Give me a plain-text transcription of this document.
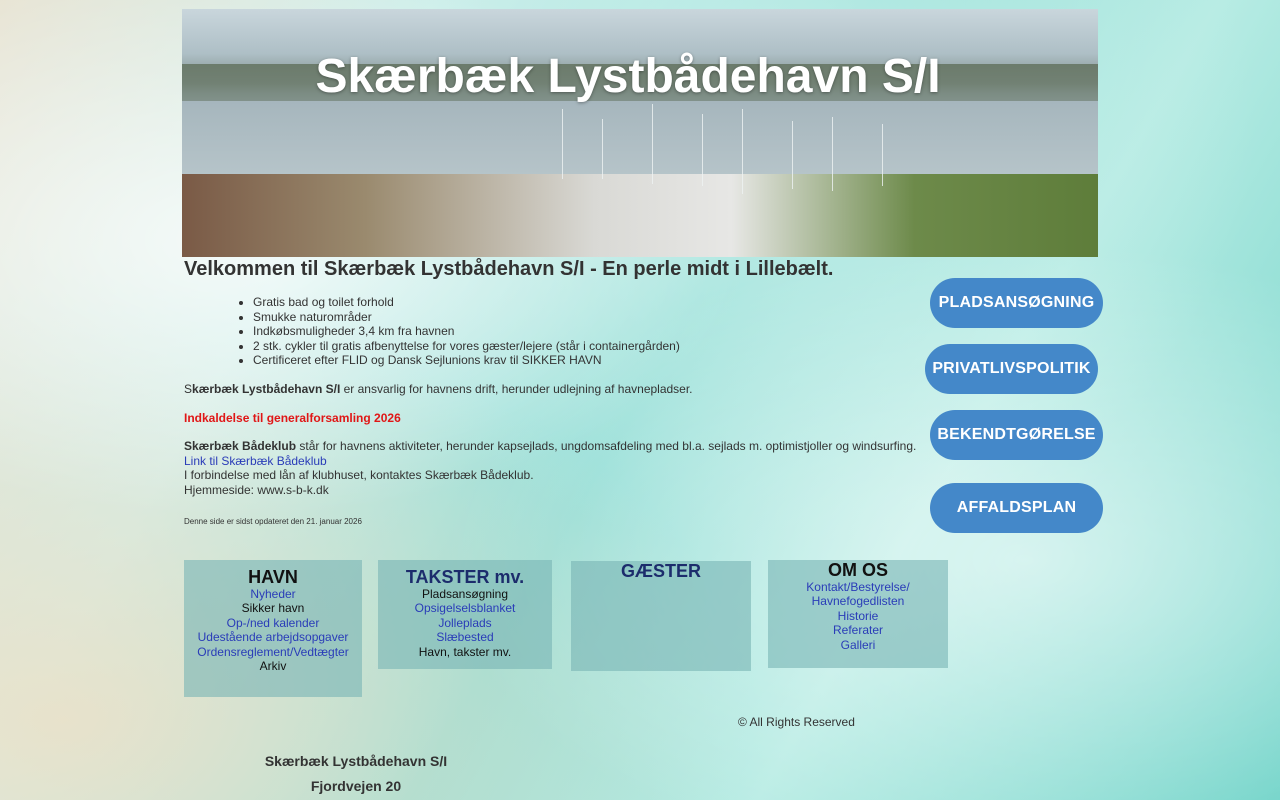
Skærbæk Lystbådehavn S/I
Velkommen til Skærbæk Lystbådehavn S/I - En perle midt i Lillebælt.
• Gratis bad og toilet forhold
• Smukke naturområder
• Indkøbsmuligheder 3,4 km fra havnen
• 2 stk. cykler til gratis afbenyttelse for vores gæster/lejere (står i containergården)
• Certificeret efter FLID og Dansk Sejlunions krav til SIKKER HAVN

Skærbæk Lystbådehavn S/I er ansvarlig for havnens drift, herunder udlejning af havnepladser.

Indkaldelse til generalforsamling 2026

Skærbæk Bådeklub står for havnens aktiviteter, herunder kapsejlads, ungdomsafdeling med bl.a. sejlads m. optimistjoller og windsurfing.
Link til Skærbæk Bådeklub
I forbindelse med lån af klubhuset, kontaktes Skærbæk Bådeklub.
Hjemmeside: www.s-b-k.dk

Denne side er sidst opdateret den 21. januar 2026

PLADSANSØGNING
PRIVATLIVSPOLITIK
BEKENDTGØRELSE
AFFALDSPLAN
HAVN
Nyheder
Sikker havn
Op-/ned kalender
Udestående arbejdsopgaver
Ordensreglement/Vedtægter
Arkiv
TAKSTER mv.
Pladsansøgning
Opsigelselsblanket
Jolleplads
Slæbested
Havn, takster mv.
GÆSTER	OM OS
Kontakt/Bestyrelse/
Havnefogedlisten
Historie
Referater
Galleri
© All Rights Reserved
Skærbæk Lystbådehavn S/I
Fjordvejen 20
